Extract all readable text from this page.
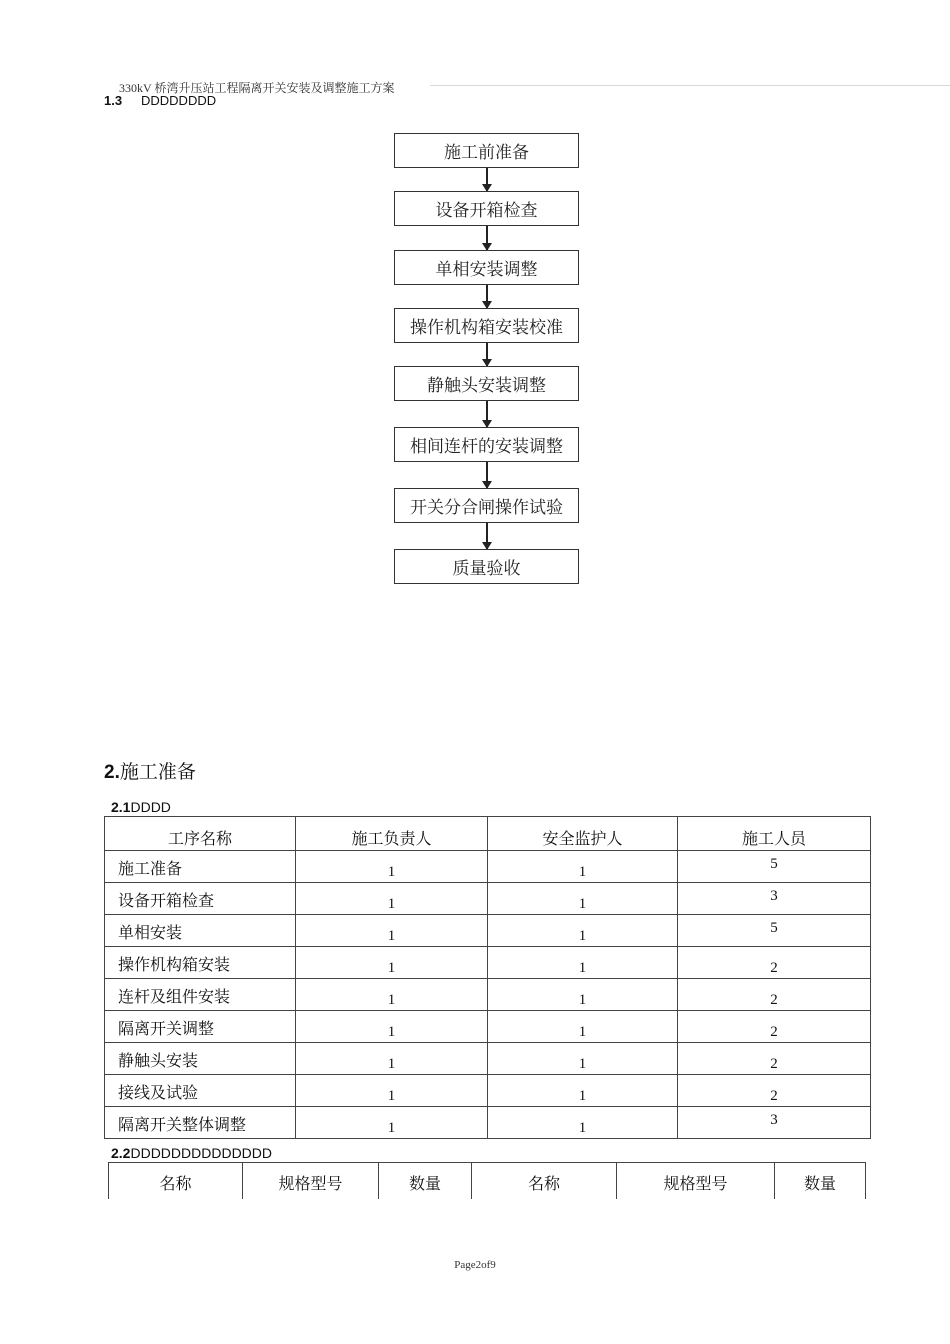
330kV 桥湾升压站工程隔离开关安装及调整施工方案
1.3 DDDDDDDD
施工前准备
设备开箱检查
单相安装调整
操作机构箱安装校准
静触头安装调整
相间连杆的安装调整
开关分合闸操作试验
质量验收
2.施工准备
2.1DDDD
工序名称	施工负责人	安全监护人	施工人员
施工准备	1	1	5
设备开箱检查	1	1	3
单相安装	1	1	5
操作机构箱安装	1	1	2
连杆及组件安装	1	1	2
隔离开关调整	1	1	2
静触头安装	1	1	2
接线及试验	1	1	2
隔离开关整体调整	1	1	3
2.2DDDDDDDDDDDDDD
名称	规格型号	数量	名称	规格型号	数量
Page2of9
